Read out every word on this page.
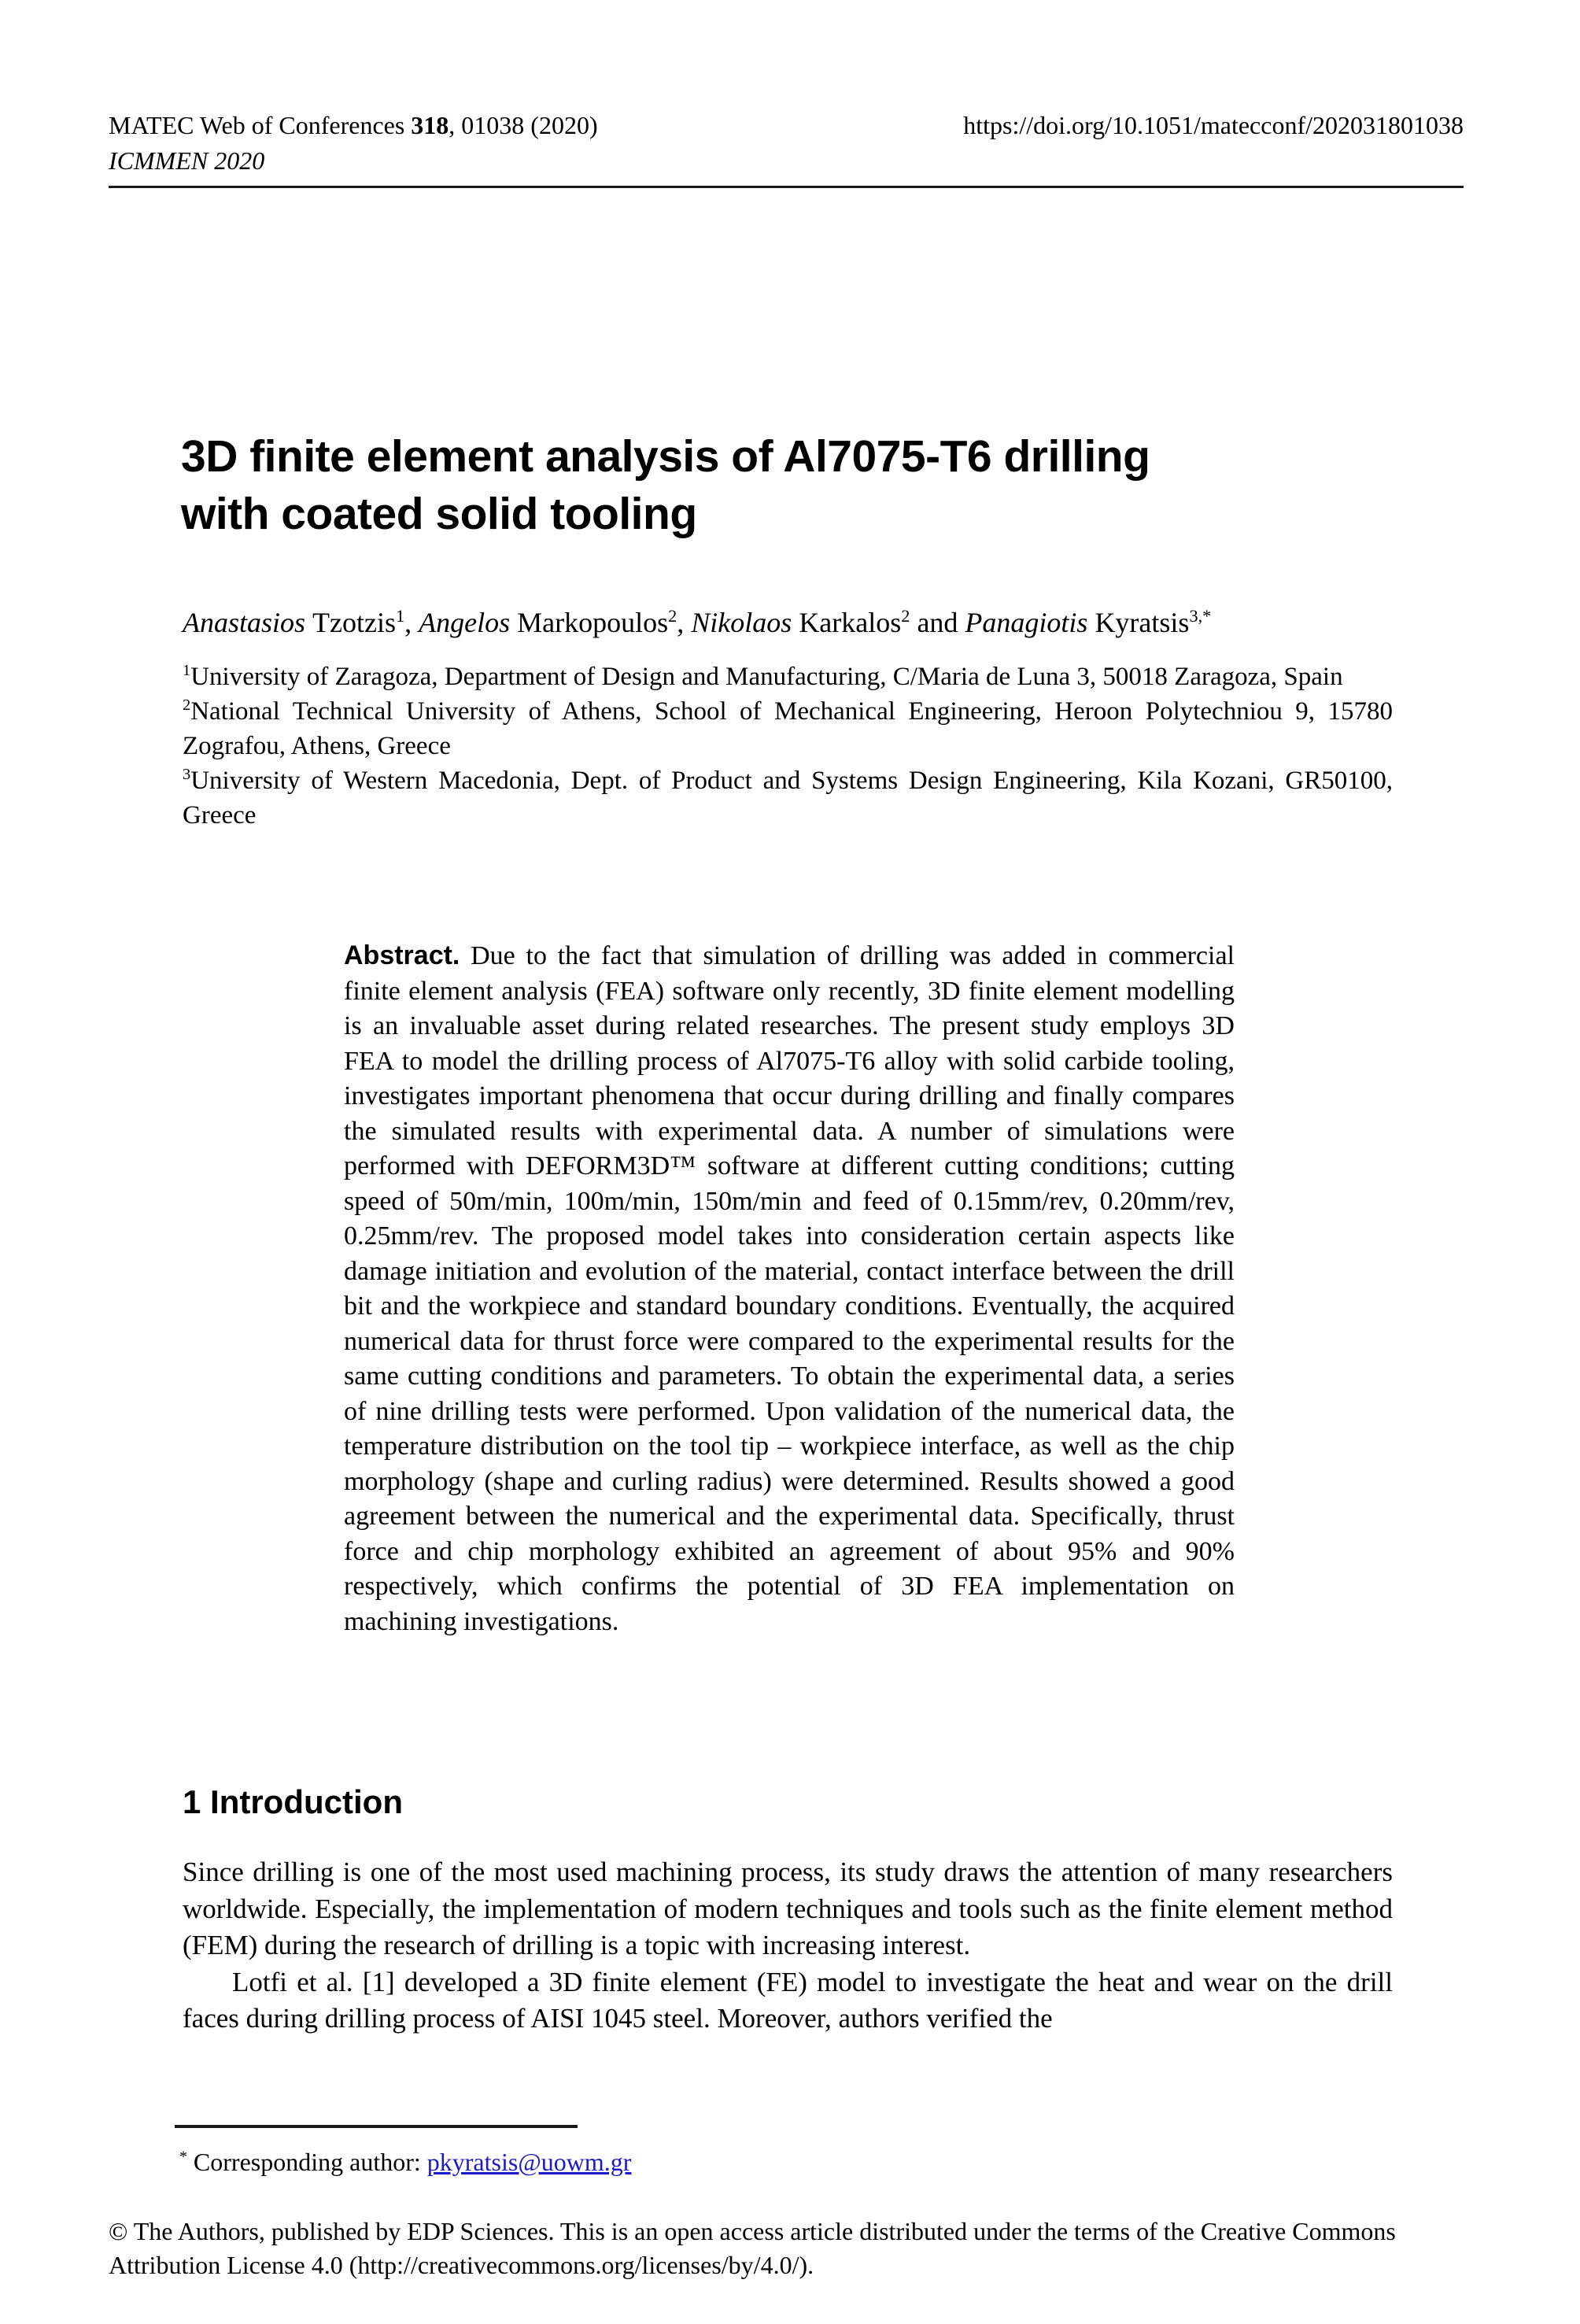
MATEC Web of Conferences 318, 01038 (2020)	https://doi.org/10.1051/matecconf/202031801038
ICMMEN 2020
3D finite element analysis of Al7075-T6 drilling
with coated solid tooling
Anastasios Tzotzis$^1$, Angelos Markopoulos$^2$, Nikolaos Karkalos$^2$ and Panagiotis Kyratsis$^{3,*}$
$^1$University of Zaragoza, Department of Design and Manufacturing, C/Maria de Luna 3, 50018 Zaragoza, Spain
$^2$National Technical University of Athens, School of Mechanical Engineering, Heroon Polytechniou 9, 15780 Zografou, Athens, Greece
$^3$University of Western Macedonia, Dept. of Product and Systems Design Engineering, Kila Kozani, GR50100, Greece
Abstract. Due to the fact that simulation of drilling was added in commercial finite element analysis (FEA) software only recently, 3D finite element modelling is an invaluable asset during related researches. The present study employs 3D FEA to model the drilling process of Al7075-T6 alloy with solid carbide tooling, investigates important phenomena that occur during drilling and finally compares the simulated results with experimental data. A number of simulations were performed with DEFORM3D™ software at different cutting conditions; cutting speed of 50m/min, 100m/min, 150m/min and feed of 0.15mm/rev, 0.20mm/rev, 0.25mm/rev. The proposed model takes into consideration certain aspects like damage initiation and evolution of the material, contact interface between the drill bit and the workpiece and standard boundary conditions. Eventually, the acquired numerical data for thrust force were compared to the experimental results for the same cutting conditions and parameters. To obtain the experimental data, a series of nine drilling tests were performed. Upon validation of the numerical data, the temperature distribution on the tool tip – workpiece interface, as well as the chip morphology (shape and curling radius) were determined. Results showed a good agreement between the numerical and the experimental data. Specifically, thrust force and chip morphology exhibited an agreement of about 95% and 90% respectively, which confirms the potential of 3D FEA implementation on machining investigations.
1 Introduction

Since drilling is one of the most used machining process, its study draws the attention of many researchers worldwide. Especially, the implementation of modern techniques and tools such as the finite element method (FEM) during the research of drilling is a topic with increasing interest.

Lotfi et al. [1] developed a 3D finite element (FE) model to investigate the heat and wear on the drill faces during drilling process of AISI 1045 steel. Moreover, authors verified the

* Corresponding author: pkyratsis@uowm.gr
© The Authors, published by EDP Sciences. This is an open access article distributed under the terms of the Creative Commons
Attribution License 4.0 (http://creativecommons.org/licenses/by/4.0/).
